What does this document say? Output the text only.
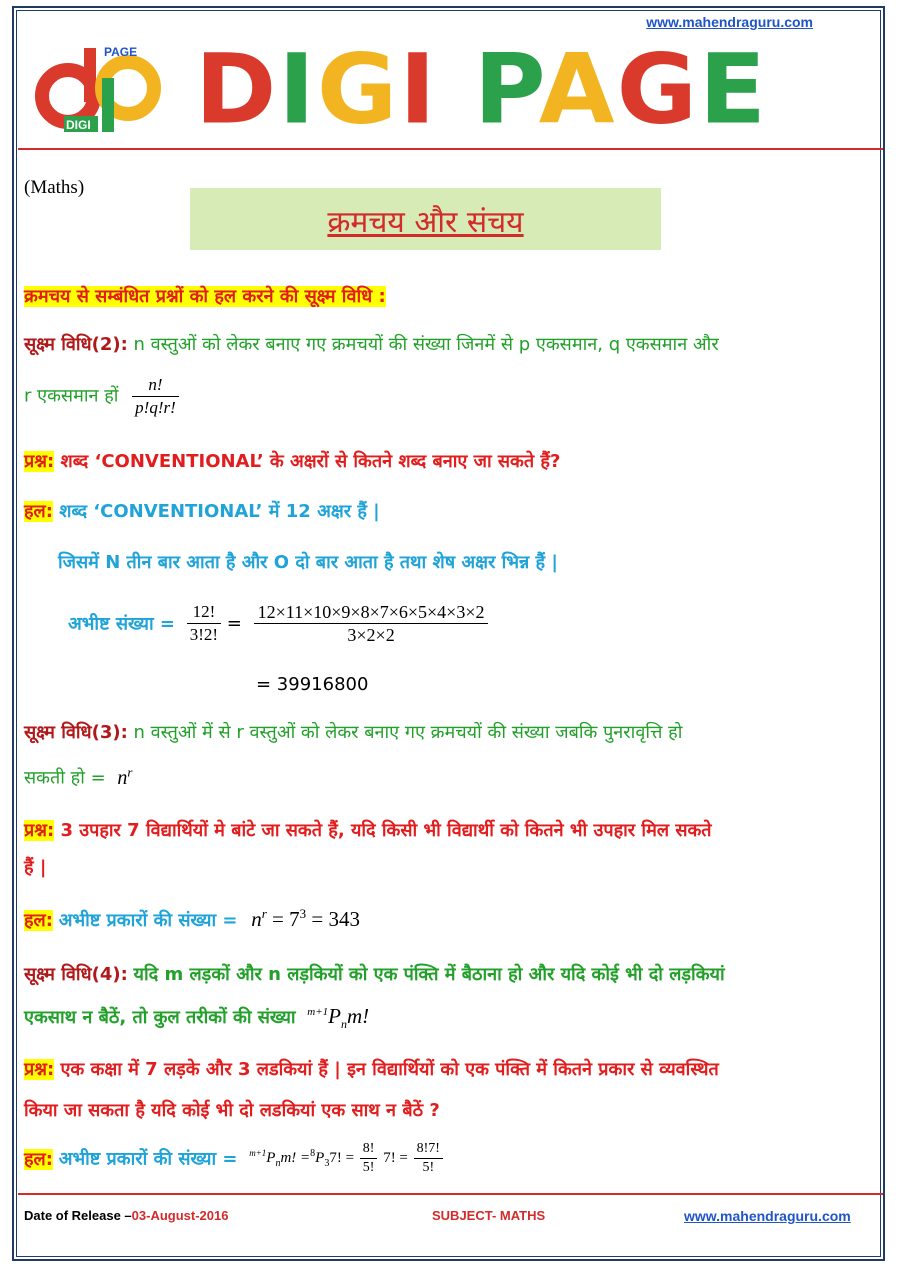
www.mahendraguru.com
DIGI
PAGE DIGI PAGE
(Maths)
क्रमचय और संचय
क्रमचय से सम्बंधित प्रश्नों को हल करने की सूक्ष्म विधि :
सूक्ष्म विधि(2): n वस्तुओं को लेकर बनाए गए क्रमचयों की संख्या जिनमें से p एकसमान, q एकसमान और
r एकसमान हों $\frac{n!}{p!q!r!}$
प्रश्न: शब्द ‘CONVENTIONAL’ के अक्षरों से कितने शब्द बनाए जा सकते हैं?
हल: शब्द ‘CONVENTIONAL’ में 12 अक्षर हैं |
जिसमें N तीन बार आता है और O दो बार आता है तथा शेष अक्षर भिन्न हैं |
अभीष्ट संख्या = $\frac{12!}{3!2!} = \frac{12\times 11\times 10\times 9\times 8\times 7\times 6\times 5\times 4\times 3\times 2}{3\times 2\times 2}$
= 39916800
सूक्ष्म विधि(3): n वस्तुओं में से r वस्तुओं को लेकर बनाए गए क्रमचयों की संख्या जबकि पुनरावृत्ति हो
सकती हो = $n^r$
प्रश्न: 3 उपहार 7 विद्यार्थियों मे बांटे जा सकते हैं, यदि किसी भी विद्यार्थी को कितने भी उपहार मिल सकते
हैं |
हल: अभीष्ट प्रकारों की संख्या = $n^r = 7^3 = 343$
सूक्ष्म विधि(4): यदि m लड़कों और n लड़कियों को एक पंक्ति में बैठाना हो और यदि कोई भी दो लड़कियां
एकसाथ न बैठें, तो कुल तरीकों की संख्या $^{m+1}P_nm$!
प्रश्न: एक कक्षा में 7 लड़के और 3 लडकियां हैं | इन विद्यार्थियों को एक पंक्ति में कितने प्रकार से व्यवस्थित
किया जा सकता है यदि कोई भी दो लडकियां एक साथ न बैठें ?
हल: अभीष्ट प्रकारों की संख्या = $^{m+1}P_nm$! $=^8P_37$! = $\frac{8!}{5!} 7$! = $\frac{8!7!}{5!}$
Date of Release –03-August-2016	SUBJECT- MATHS	www.mahendraguru.com
